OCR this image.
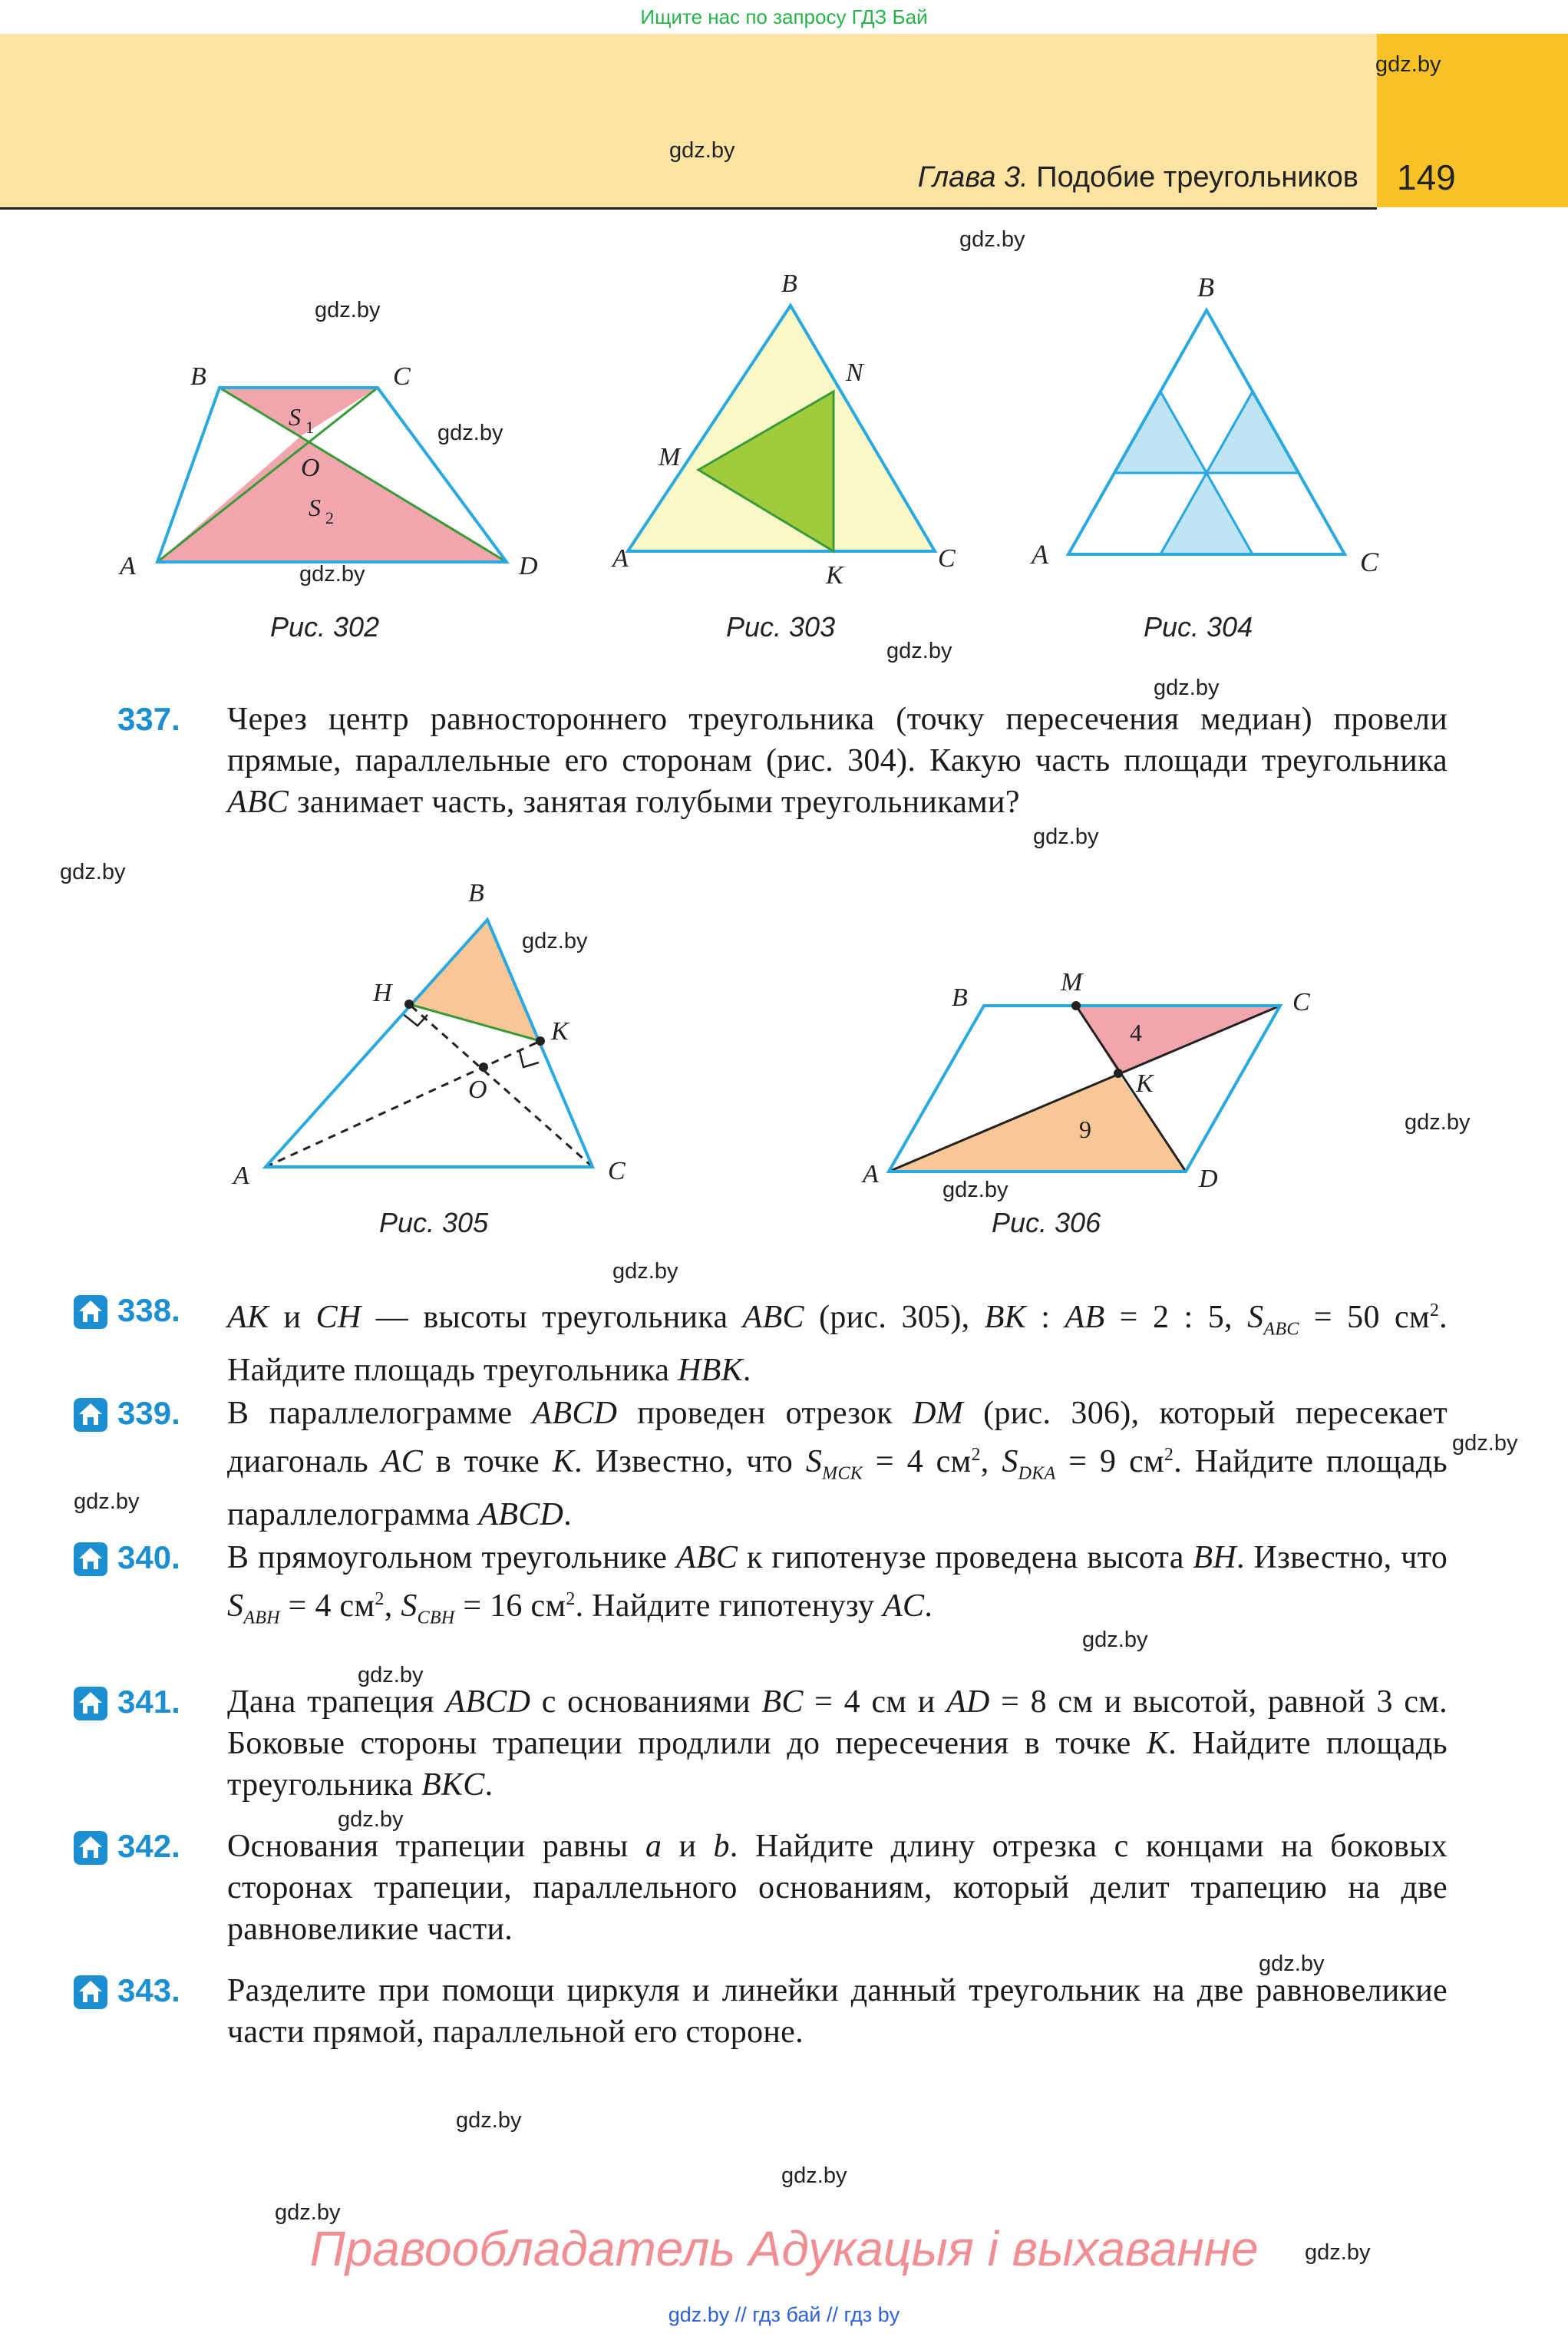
Ищите нас по запросу ГДЗ Бай
Глава 3. Подобие треугольников 149
gdz.by
gdz.by
gdz.by
gdz.by
gdz.by
gdz.by
gdz.by
gdz.by
gdz.by
gdz.by
gdz.by
gdz.by
gdz.by
gdz.by
gdz.by
gdz.by
gdz.by
gdz.by
gdz.by
gdz.by
gdz.by
gdz.by
gdz.by
gdz.by
B	C
A	D
O
S 1
S 2
Рис. 302
B
N
M
A
K
C
Рис. 303
B
A	C
Рис. 304
337. Через центр равностороннего треугольника (точку пересечения медиан) провели прямые, параллельные его сторонам (рис. 304). Какую часть площади треугольника ABC занимает часть, занятая голубыми треугольниками?
B
H
K
O
A	C
Рис. 305
B
M
C
K
A	D
4
9
Рис. 306
338. AK и CH — высоты треугольника ABC (рис. 305), BK : AB = 2 : 5, $S_{ABC} = 50$ $см^2$. Найдите площадь треугольника HBK.
339. В параллелограмме ABCD проведен отрезок DM (рис. 306), который пересекает диагональ AC в точке K. Известно, что $S_{MCK} = 4$ $см^2$, $S_{DKA} = 9$ $см^2$. Найдите площадь параллелограмма ABCD.
340. В прямоугольном треугольнике ABC к гипотенузе проведена высота BH. Известно, что $S_{ABH} = 4$ $см^2$, $S_{CBH} = 16$ $см^2$. Найдите гипотенузу AC.
341. Дана трапеция ABCD с основаниями BC = 4 см и AD = 8 см и высотой, равной 3 см. Боковые стороны трапеции продлили до пересечения в точке K. Найдите площадь треугольника BKC.
342. Основания трапеции равны a и b. Найдите длину отрезка с концами на боковых сторонах трапеции, параллельного основаниям, который делит трапецию на две равновеликие части.
343. Разделите при помощи циркуля и линейки данный треугольник на две равновеликие части прямой, параллельной его стороне.
Правообладатель Адукацыя і выхаванне
gdz.by // гдз бай // гдз by
